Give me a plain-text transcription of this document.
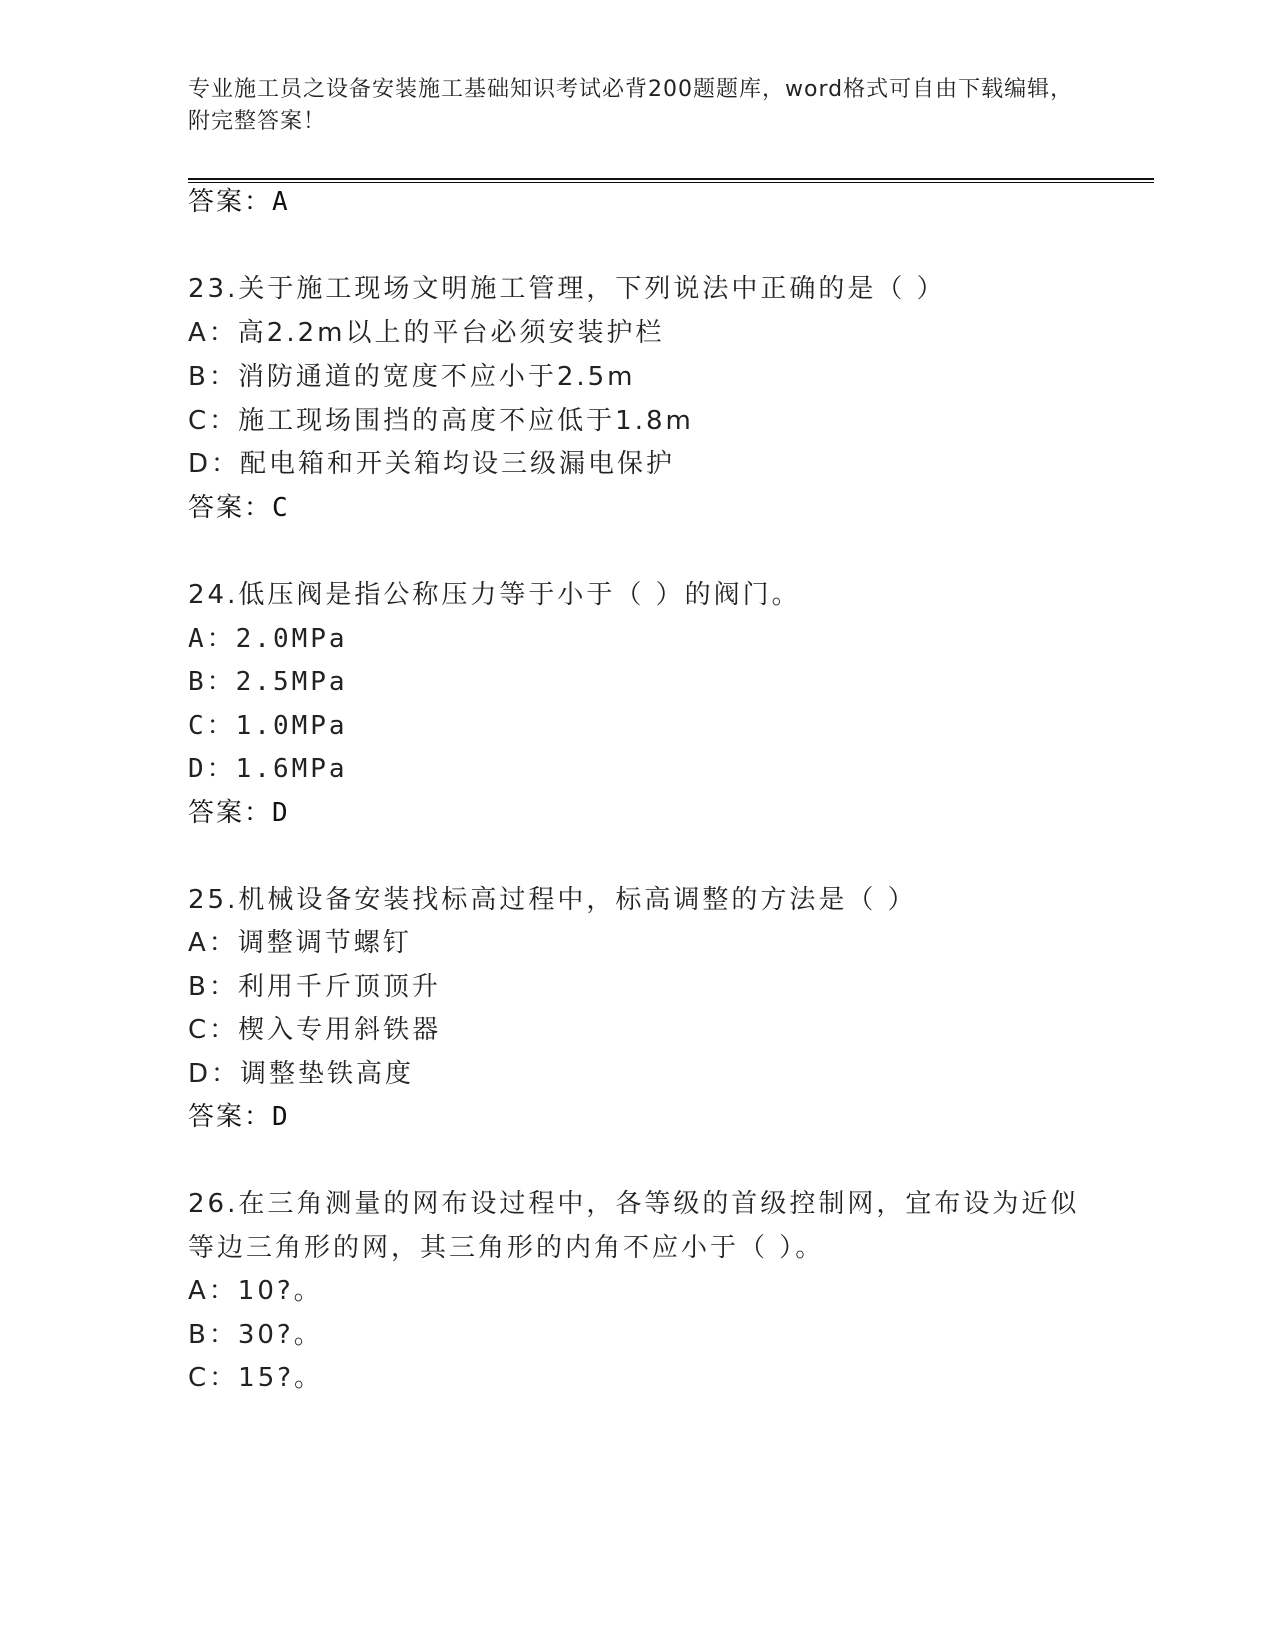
专业施工员之设备安装施工基础知识考试必背200题题库，word格式可自由下载编辑，附完整答案！
答案：A
23.关于施工现场文明施工管理，下列说法中正确的是（ ）
A：高2.2m以上的平台必须安装护栏
B：消防通道的宽度不应小于2.5m
C：施工现场围挡的高度不应低于1.8m
D：配电箱和开关箱均设三级漏电保护
答案：C
24.低压阀是指公称压力等于小于（ ）的阀门。
A：2.0MPa
B：2.5MPa
C：1.0MPa
D：1.6MPa
答案：D
25.机械设备安装找标高过程中，标高调整的方法是（ ）
A：调整调节螺钉
B：利用千斤顶顶升
C：楔入专用斜铁器
D：调整垫铁高度
答案：D
26.在三角测量的网布设过程中，各等级的首级控制网，宜布设为近似
等边三角形的网，其三角形的内角不应小于（ ）。
A：10?。
B：30?。
C：15?。
